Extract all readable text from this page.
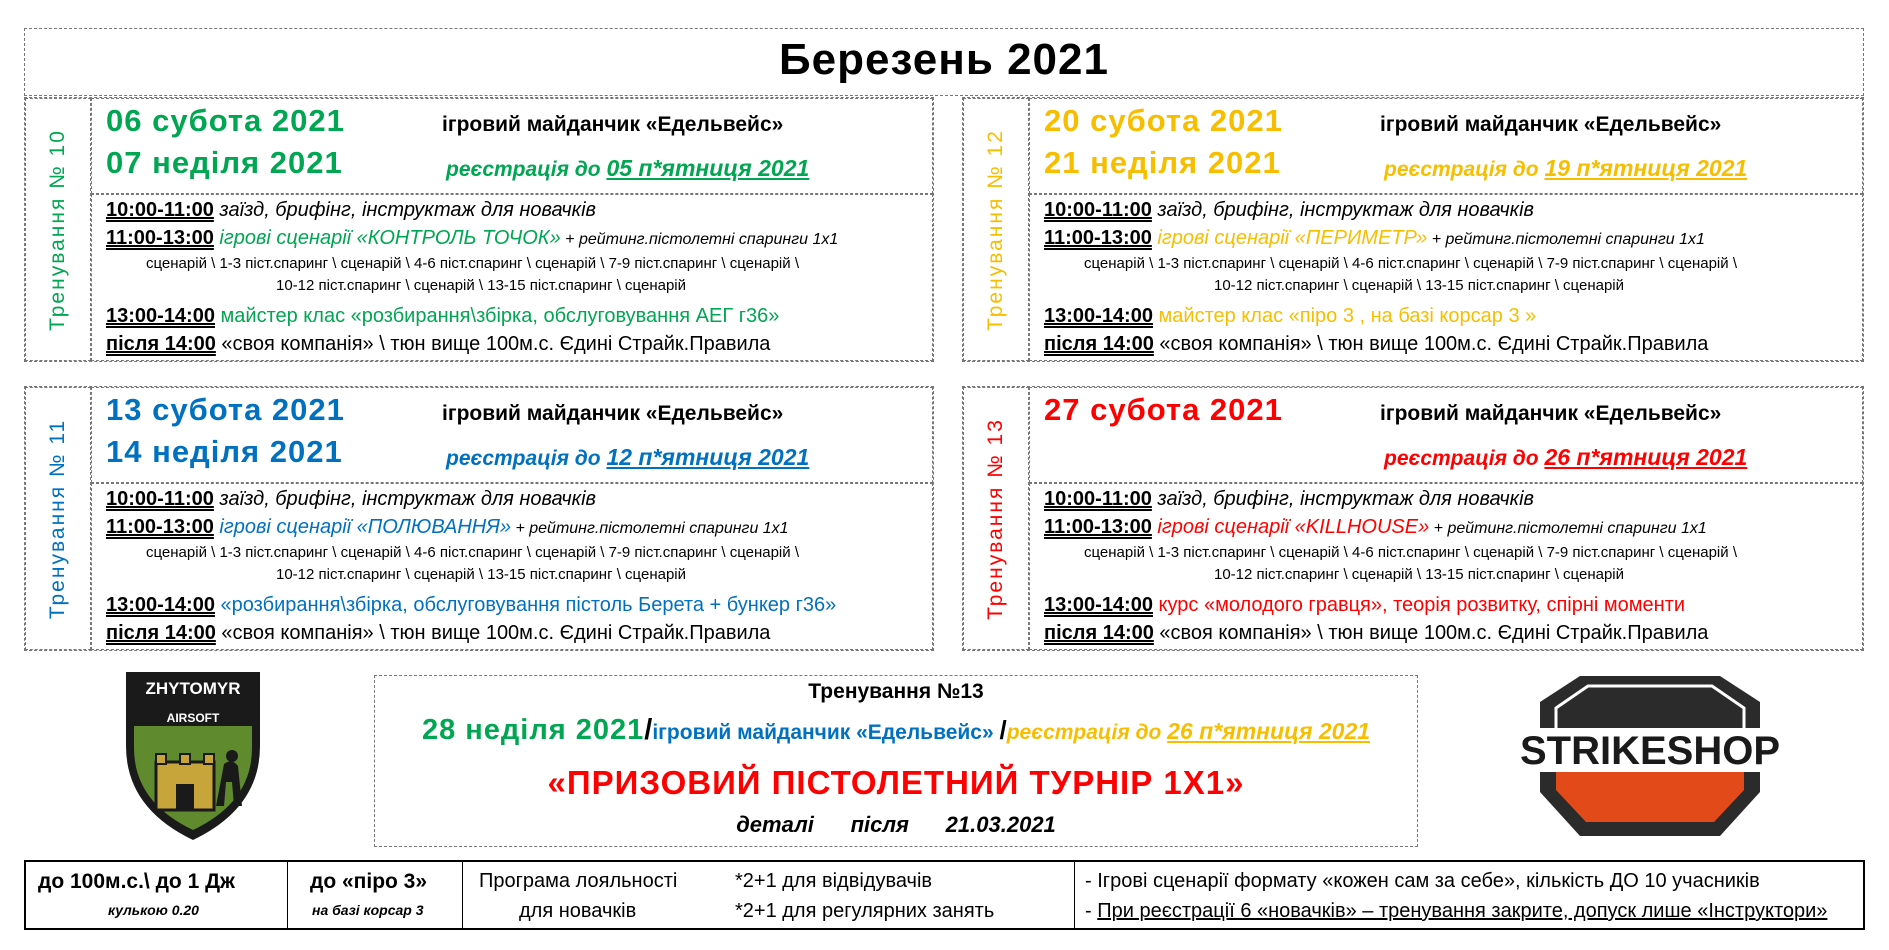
Березень 2021
Тренування № 10
06 субота 2021
07 неділя 2021
ігровий майданчик «Едельвейс»
реєстрація до 05 п*ятниця 2021
10:00-11:00 заїзд, брифінг, інструктаж для новачків
11:00-13:00 ігрові сценарії «КОНТРОЛЬ ТОЧОК» + рейтинг.пістолетні спаринги 1х1
сценарій \ 1-3 піст.спаринг \ сценарій \ 4-6 піст.спаринг \ сценарій \ 7-9 піст.спаринг \ сценарій \
10-12 піст.спаринг \ сценарій \ 13-15 піст.спаринг \ сценарій
13:00-14:00 майстер клас «розбирання\збірка, обслуговування АЕГ г36»
після 14:00 «своя компанія» \ тюн вище 100м.с. Єдині Страйк.Правила
Тренування № 12
20 субота 2021
21 неділя 2021
ігровий майданчик «Едельвейс»
реєстрація до 19 п*ятниця 2021
10:00-11:00 заїзд, брифінг, інструктаж для новачків
11:00-13:00 ігрові сценарії «ПЕРИМЕТР» + рейтинг.пістолетні спаринги 1х1
сценарій \ 1-3 піст.спаринг \ сценарій \ 4-6 піст.спаринг \ сценарій \ 7-9 піст.спаринг \ сценарій \
10-12 піст.спаринг \ сценарій \ 13-15 піст.спаринг \ сценарій
13:00-14:00 майстер клас «піро 3 , на базі корсар 3 »
після 14:00 «своя компанія» \ тюн вище 100м.с. Єдині Страйк.Правила
Тренування № 11
13 субота 2021
14 неділя 2021
ігровий майданчик «Едельвейс»
реєстрація до 12 п*ятниця 2021
10:00-11:00 заїзд, брифінг, інструктаж для новачків
11:00-13:00 ігрові сценарії «ПОЛЮВАННЯ» + рейтинг.пістолетні спаринги 1х1
сценарій \ 1-3 піст.спаринг \ сценарій \ 4-6 піст.спаринг \ сценарій \ 7-9 піст.спаринг \ сценарій \
10-12 піст.спаринг \ сценарій \ 13-15 піст.спаринг \ сценарій
13:00-14:00 «розбирання\збірка, обслуговування пістоль Берета + бункер г36»
після 14:00 «своя компанія» \ тюн вище 100м.с. Єдині Страйк.Правила
Тренування № 13
27 субота 2021	ігровий майданчик «Едельвейс»
реєстрація до 26 п*ятниця 2021
10:00-11:00 заїзд, брифінг, інструктаж для новачків
11:00-13:00 ігрові сценарії «KILLHOUSE» + рейтинг.пістолетні спаринги 1х1
сценарій \ 1-3 піст.спаринг \ сценарій \ 4-6 піст.спаринг \ сценарій \ 7-9 піст.спаринг \ сценарій \
10-12 піст.спаринг \ сценарій \ 13-15 піст.спаринг \ сценарій
13:00-14:00 курс «молодого гравця», теорія розвитку, спірні моменти
після 14:00 «своя компанія» \ тюн вище 100м.с. Єдині Страйк.Правила
Тренування №13
28 неділя 2021/ігровий майданчик «Едельвейс» /реєстрація до 26 п*ятниця 2021
«ПРИЗОВИЙ ПІСТОЛЕТНИЙ ТУРНІР 1Х1»
деталі      після      21.03.2021
ZHYTOMYR
AIRSOFT
STRIKESHOP
до 100м.с.\ до 1 Дж
кулькою 0.20
до «піро 3»
на базі корсар 3
Програма лояльності
для новачків
*2+1 для відвідувачів
*2+1 для регулярних занять
- Ігрові сценарії формату «кожен сам за себе», кількість ДО 10 учасників
- При реєстрації 6 «новачків» – тренування закрите, допуск лише «Інструктори»
